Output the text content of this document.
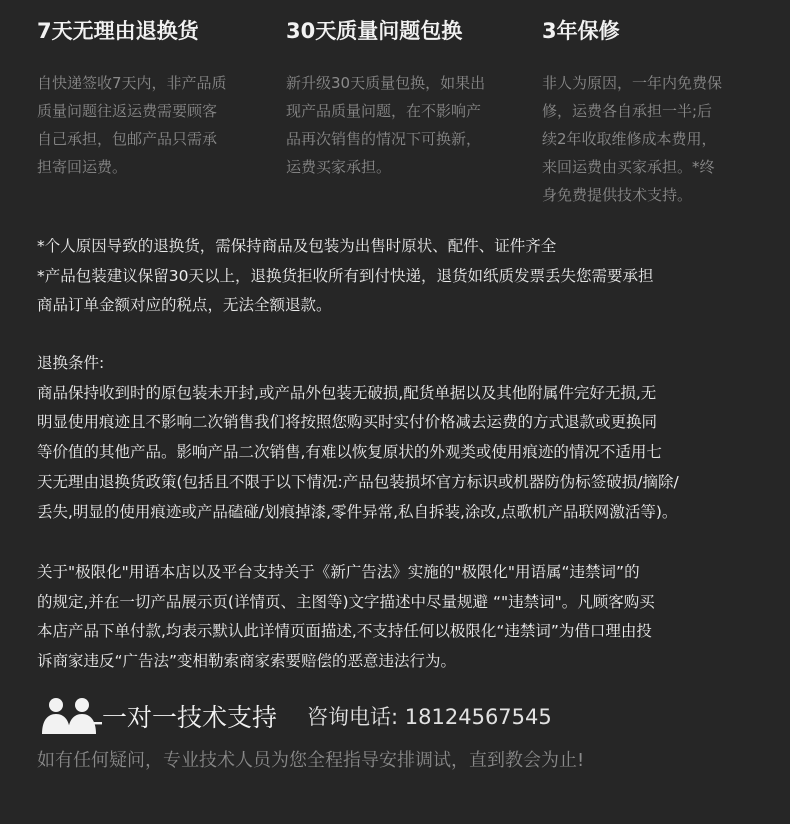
7天无理由退换货
自快递签收7天内，非产品质
质量问题往返运费需要顾客
自己承担，包邮产品只需承
担寄回运费。
30天质量问题包换
新升级30天质量包换，如果出
现产品质量问题，在不影响产
品再次销售的情况下可换新，
运费买家承担。
3年保修
非人为原因，一年内免费保
修，运费各自承担一半;后
续2年收取维修成本费用，
来回运费由买家承担。*终
身免费提供技术支持。
*个人原因导致的退换货，需保持商品及包装为出售时原状、配件、证件齐全
*产品包装建议保留30天以上，退换货拒收所有到付快递，退货如纸质发票丢失您需要承担
商品订单金额对应的税点，无法全额退款。
退换条件:
商品保持收到时的原包装未开封,或产品外包装无破损,配货单据以及其他附属件完好无损,无
明显使用痕迹且不影响二次销售我们将按照您购买时实付价格减去运费的方式退款或更换同
等价值的其他产品。影响产品二次销售,有难以恢复原状的外观类或使用痕迹的情况不适用七
天无理由退换货政策(包括且不限于以下情况:产品包装损坏官方标识或机器防伪标签破损/摘除/
丢失,明显的使用痕迹或产品磕碰/划痕掉漆,零件异常,私自拆装,涂改,点歌机产品联网激活等)。
关于"极限化"用语本店以及平台支持关于《新广告法》实施的"极限化"用语属“违禁词”的
的规定,并在一切产品展示页(详情页、主图等)文字描述中尽量规避 “"违禁词"。凡顾客购买
本店产品下单付款,均表示默认此详情页面描述,不支持任何以极限化“违禁词”为借口理由投
诉商家违反“广告法”变相勒索商家索要赔偿的恶意违法行为。
一对一技术支持 咨询电话: 18124567545
如有任何疑问，专业技术人员为您全程指导安排调试，直到教会为止!
